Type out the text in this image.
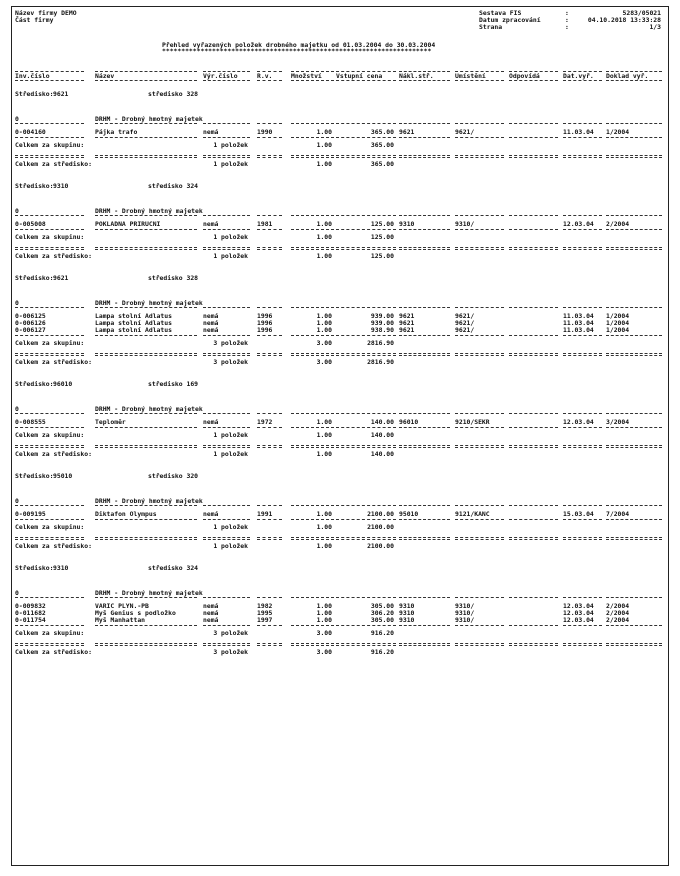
Název firmy DEMO	Sestava FIS	:	5283/05021
Část firmy	Datum zpracování	:	04.10.2018 13:33:28
Strana	:	1/3
Přehled vyřazených položek drobného majetku od 01.03.2004 do 30.03.2004
**********************************************************************
Inv.číslo	Název	Výr.číslo	R.v.	Množství Vstupní cena	Nákl.stř.	Umístění	Odpovídá	Dat.vyř. Doklad vyř.
Středisko: 9621	středisko 328
0	DRHM - Drobný hmotný majetek
0-004160	Pájka trafo	nemá	1990	1.00	365.00 9621	9621/	11.03.04 1/2004
Celkem za skupinu:	1 položek	1.00	365.00
Celkem za středisko:	1 položek	1.00	365.00
Středisko: 9310	středisko 324
0	DRHM - Drobný hmotný majetek
0-005008	POKLADNA PRIRUCNI	nemá	1981	1.00	125.00 9310	9310/	12.03.04 2/2004
Celkem za skupinu:	1 položek	1.00	125.00
Celkem za středisko:	1 položek	1.00	125.00
Středisko: 9621	středisko 328
0	DRHM - Drobný hmotný majetek
0-006125	Lampa stolní Adlatus	nemá	1996	1.00	939.00 9621	9621/	11.03.04 1/2004
0-006126	Lampa stolní Adlatus	nemá	1996	1.00	939.00 9621	9621/	11.03.04 1/2004
0-006127	Lampa stolní Adlatus	nemá	1996	1.00	938.90 9621	9621/	11.03.04 1/2004
Celkem za skupinu:	3 položek	3.00	2816.90
Celkem za středisko:	3 položek	3.00	2816.90
Středisko: 96010	středisko 169
0	DRHM - Drobný hmotný majetek
0-008555	Teploměr	nemá	1972	1.00	140.00 96010	9210/SEKR	12.03.04 3/2004
Celkem za skupinu:	1 položek	1.00	140.00
Celkem za středisko:	1 položek	1.00	140.00
Středisko: 95010	středisko 320
0	DRHM - Drobný hmotný majetek
0-009195	Diktafon Olympus	nemá	1991	1.00	2100.00 95010	9121/KANC	15.03.04 7/2004
Celkem za skupinu:	1 položek	1.00	2100.00
Celkem za středisko:	1 položek	1.00	2100.00
Středisko: 9310	středisko 324
0	DRHM - Drobný hmotný majetek
0-009832	VARIC PLYN.-PB	nemá	1982	1.00	305.00 9310	9310/	12.03.04 2/2004
0-011682	Myš Genius s podložko	nemá	1995	1.00	306.20 9310	9310/	12.03.04 2/2004
0-011754	Myš Manhattan	nemá	1997	1.00	305.00 9310	9310/	12.03.04 2/2004
Celkem za skupinu:	3 položek	3.00	916.20
Celkem za středisko:	3 položek	3.00	916.20
